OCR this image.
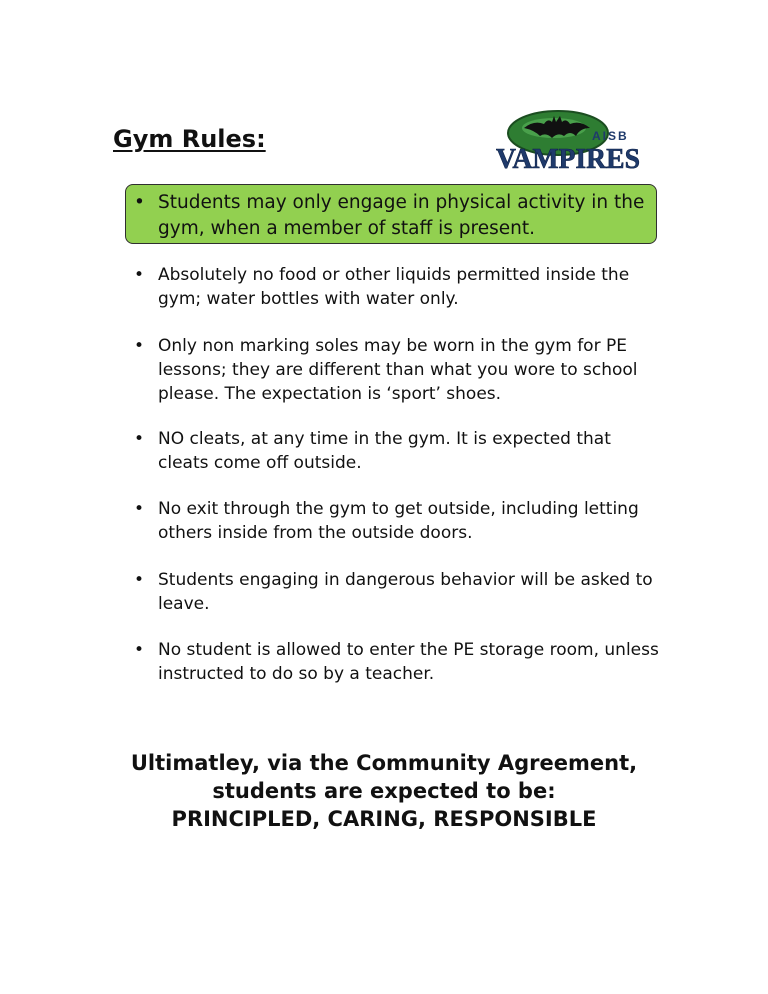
Gym Rules:	AISB
VAMPIRES
• Students may only engage in physical activity in the gym, when a member of staff is present.
• Absolutely no food or other liquids permitted inside the gym; water bottles with water only.
• Only non marking soles may be worn in the gym for PE lessons; they are different than what you wore to school please. The expectation is ‘sport’ shoes.
• NO cleats, at any time in the gym. It is expected that cleats come off outside.
• No exit through the gym to get outside, including letting others inside from the outside doors.
• Students engaging in dangerous behavior will be asked to leave.
• No student is allowed to enter the PE storage room, unless instructed to do so by a teacher.
Ultimatley, via the Community Agreement,
students are expected to be:
PRINCIPLED, CARING, RESPONSIBLE
